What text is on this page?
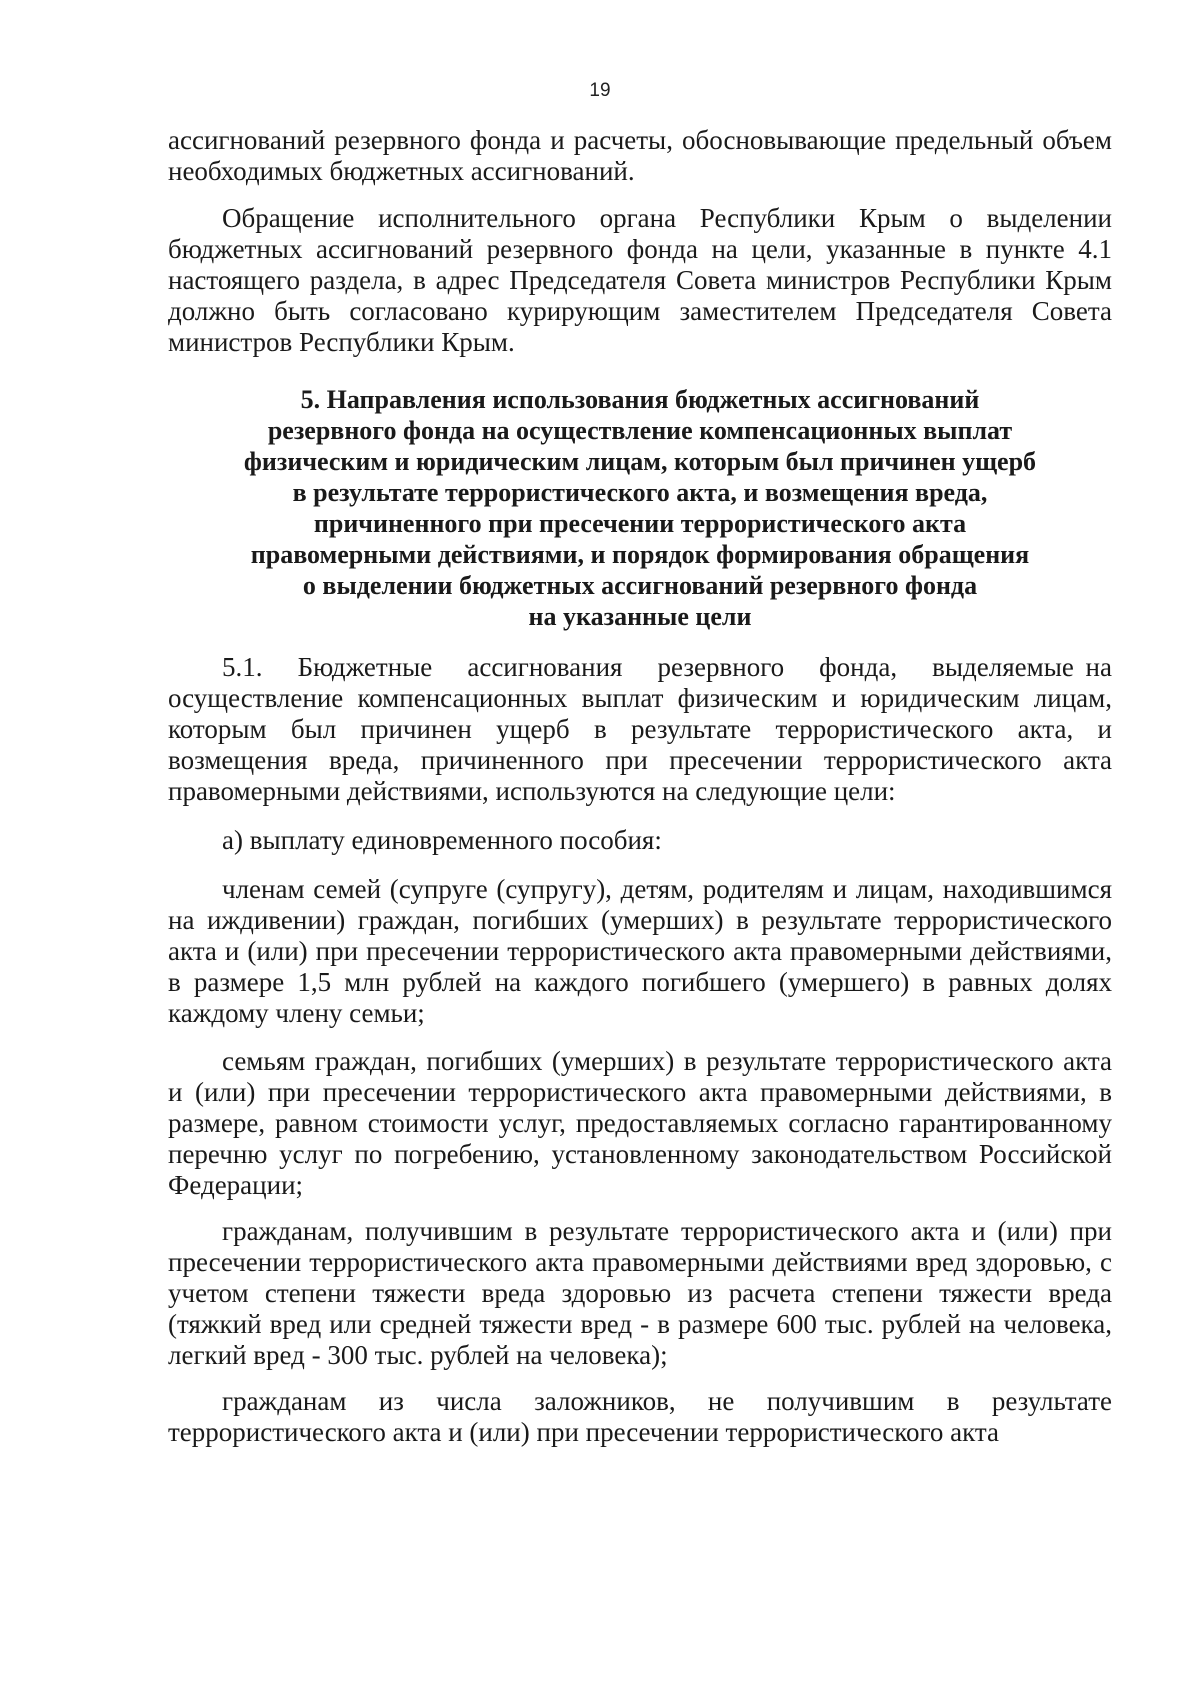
19

ассигнований резервного фонда и расчеты, обосновывающие предельный объем необходимых бюджетных ассигнований.

Обращение исполнительного органа Республики Крым о выделении бюджетных ассигнований резервного фонда на цели, указанные в пункте 4.1 настоящего раздела, в адрес Председателя Совета министров Республики Крым должно быть согласовано курирующим заместителем Председателя Совета министров Республики Крым.

5. Направления использования бюджетных ассигнований
резервного фонда на осуществление компенсационных выплат
физическим и юридическим лицам, которым был причинен ущерб
в результате террористического акта, и возмещения вреда,
причиненного при пресечении террористического акта
правомерными действиями, и порядок формирования обращения
о выделении бюджетных ассигнований резервного фонда
на указанные цели

5.1.   Бюджетные   ассигнования   резервного   фонда,   выделяемые на осуществление компенсационных выплат физическим и юридическим лицам, которым был причинен ущерб в результате террористического акта, и возмещения вреда, причиненного при пресечении террористического акта правомерными действиями, используются на следующие цели:

а) выплату единовременного пособия:

членам семей (супруге (супругу), детям, родителям и лицам, находившимся на иждивении) граждан, погибших (умерших) в результате террористического акта и (или) при пресечении террористического акта правомерными действиями, в размере 1,5 млн рублей на каждого погибшего (умершего) в равных долях каждому члену семьи;

семьям граждан, погибших (умерших) в результате террористического акта и (или) при пресечении террористического акта правомерными действиями, в размере, равном стоимости услуг, предоставляемых согласно гарантированному перечню услуг по погребению, установленному законодательством Российской Федерации;

гражданам, получившим в результате террористического акта и (или) при пресечении террористического акта правомерными действиями вред здоровью, с учетом степени тяжести вреда здоровью из расчета степени тяжести вреда (тяжкий вред или средней тяжести вред - в размере 600 тыс. рублей на человека, легкий вред - 300 тыс. рублей на человека);

гражданам из числа заложников, не получившим в результате террористического акта и (или) при пресечении террористического акта
